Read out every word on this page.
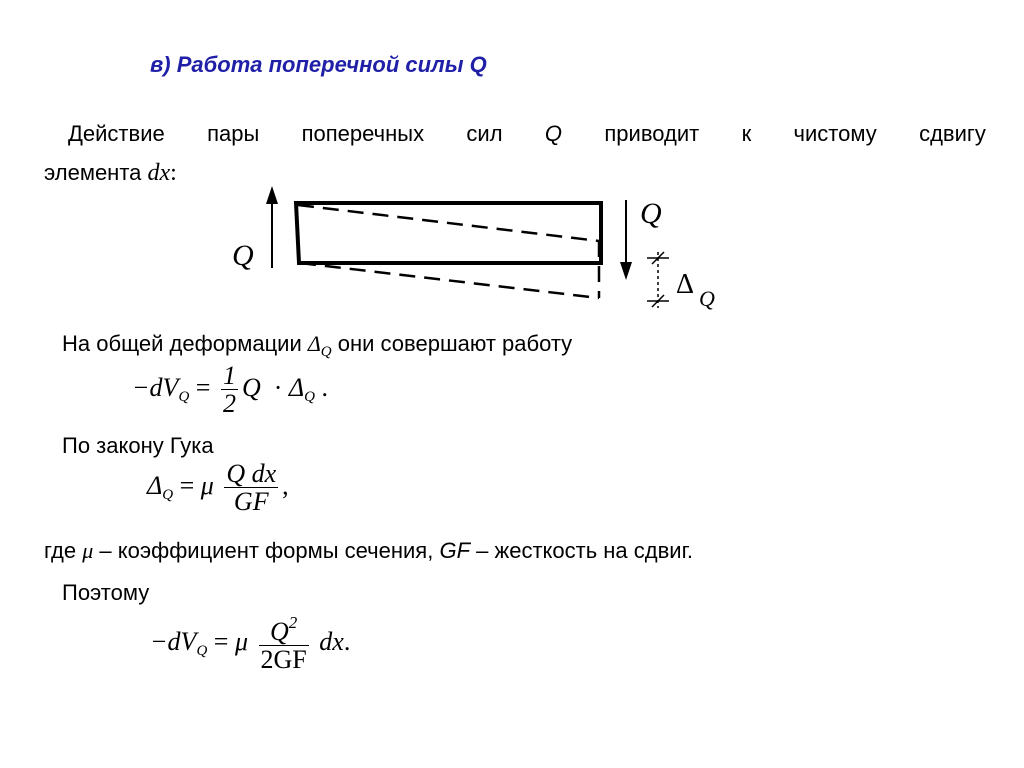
в) Работа поперечной силы Q
Действие пары поперечных сил Q приводит к чистому сдвигу
элемента dx:
Q
Q
Δ Q
На общей деформации $\Delta_Q$ они совершают работу
$-dV_Q = \frac{1}{2}$ $Q \cdot \Delta_Q$ .
По закону Гука
$\Delta_Q = \mu \frac{\text{Q dx}}{GF}$ ,
где μ – коэффициент формы сечения, GF – жесткость на сдвиг.
Поэтому
$-dV_Q = \mu \frac{Q^2}{2GF}$ dx.
